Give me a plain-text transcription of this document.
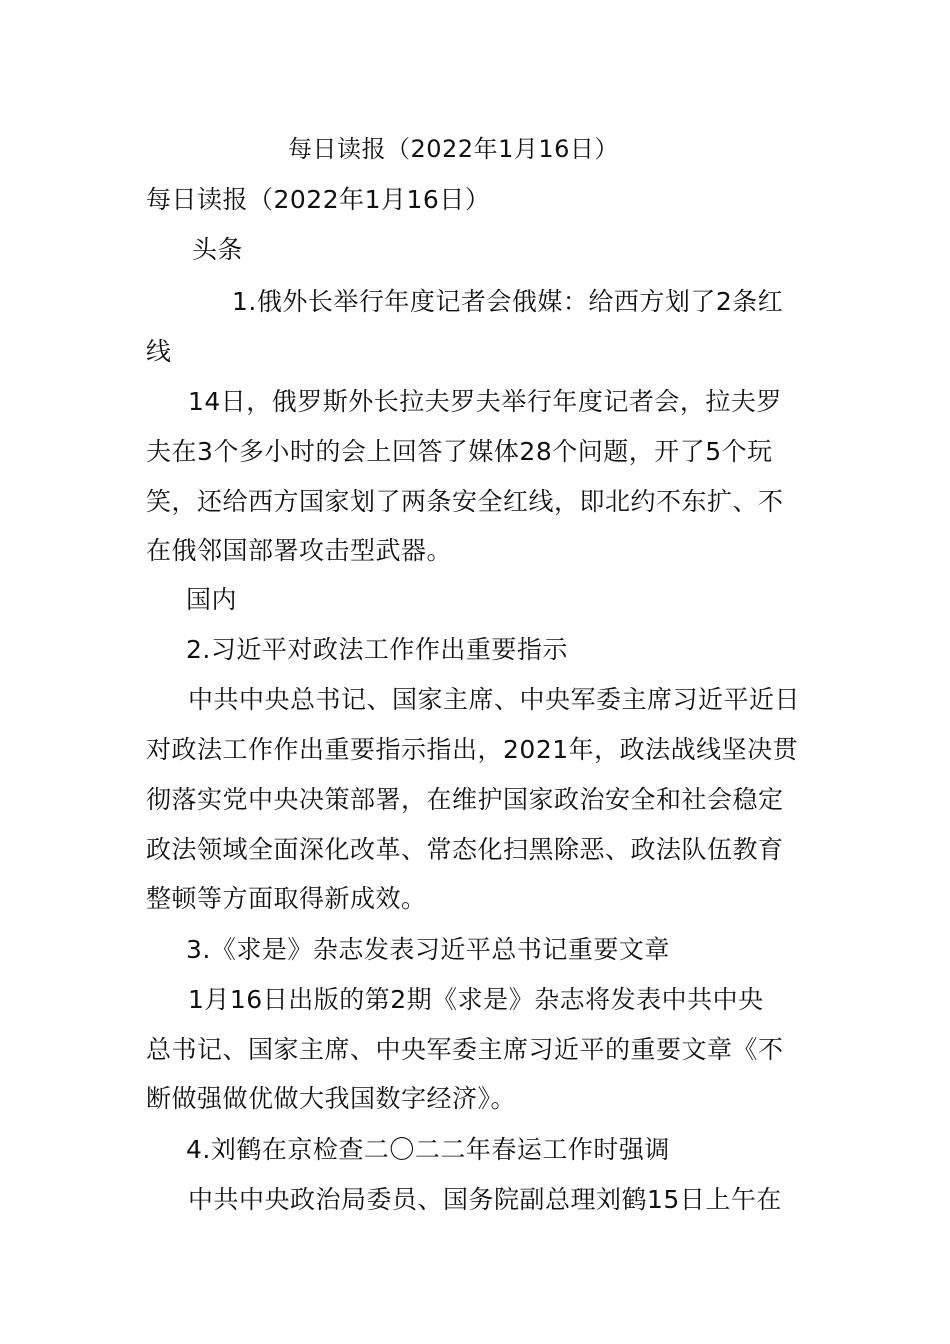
每日读报（2022年1月16日）
每日读报（2022年1月16日）
头条
1.俄外长举行年度记者会俄媒：给西方划了2条红
线
14日，俄罗斯外长拉夫罗夫举行年度记者会，拉夫罗
夫在3个多小时的会上回答了媒体28个问题，开了5个玩
笑，还给西方国家划了两条安全红线，即北约不东扩、不
在俄邻国部署攻击型武器。
国内
2.习近平对政法工作作出重要指示
中共中央总书记、国家主席、中央军委主席习近平近日
对政法工作作出重要指示指出，2021年，政法战线坚决贯
彻落实党中央决策部署，在维护国家政治安全和社会稳定
政法领域全面深化改革、常态化扫黑除恶、政法队伍教育
整顿等方面取得新成效。
3.《求是》杂志发表习近平总书记重要文章
1月16日出版的第2期《求是》杂志将发表中共中央
总书记、国家主席、中央军委主席习近平的重要文章《不
断做强做优做大我国数字经济》。
4.刘鹤在京检查二〇二二年春运工作时强调
中共中央政治局委员、国务院副总理刘鹤15日上午在
